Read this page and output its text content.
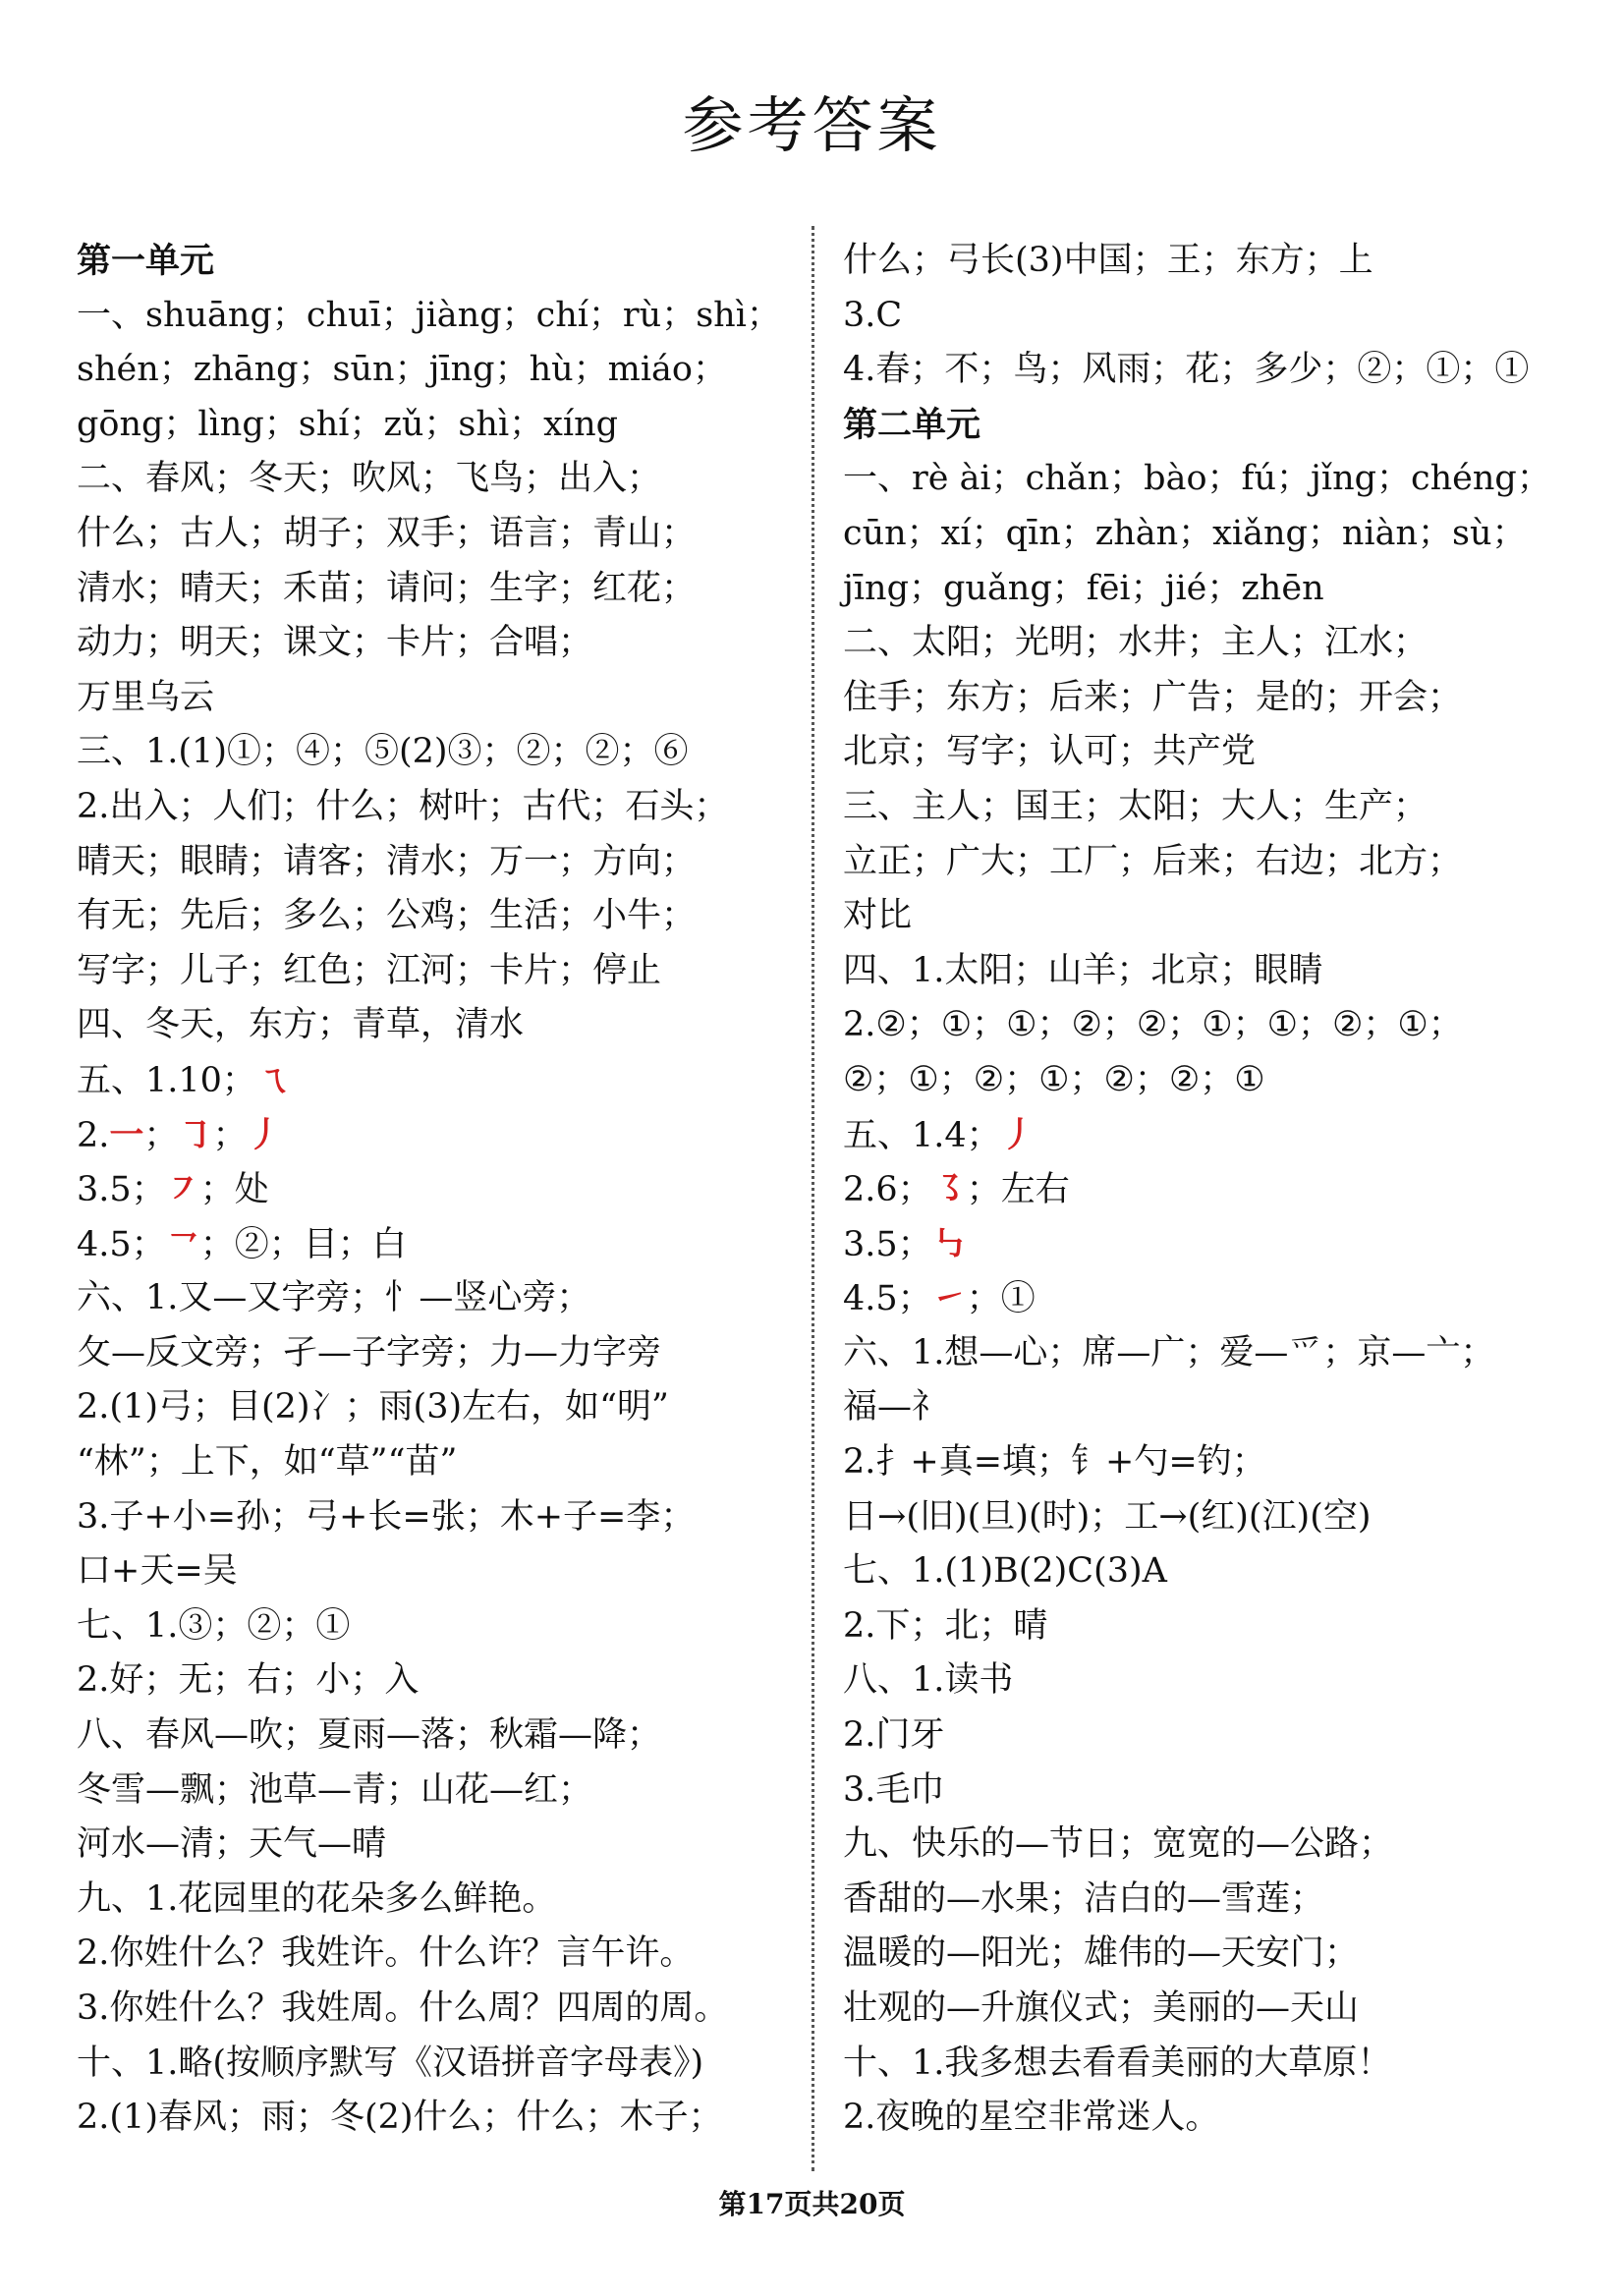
参考答案
第一单元
一、shuāng；chuī；jiàng；chí；rù；shì；
shén；zhāng；sūn；jīng；hù；miáo；
gōng；lìng；shí；zǔ；shì；xíng
二、春风；冬天；吹风；飞鸟；出入；
什么；古人；胡子；双手；语言；青山；
清水；晴天；禾苗；请问；生字；红花；
动力；明天；课文；卡片；合唱；
万里乌云
三、1.(1)①；④；⑤(2)③；②；②；⑥
2.出入；人们；什么；树叶；古代；石头；
晴天；眼睛；请客；清水；万一；方向；
有无；先后；多么；公鸡；生活；小牛；
写字；儿子；红色；江河；卡片；停止
四、冬天，东方；青草，清水
五、1.10；ㄟ
2.一；㇆；丿
3.5；㇇；处
4.5；㇖；②；目；白
六、1.又—又字旁；忄—竖心旁；
攵—反文旁；孑—子字旁；力—力字旁
2.(1)弓；目(2)冫；雨(3)左右，如“明”
“林”；上下，如“草”“苗”
3.子+小=孙；弓+长=张；木+子=李；
口+天=吴
七、1.③；②；①
2.好；无；右；小；入
八、春风—吹；夏雨—落；秋霜—降；
冬雪—飘；池草—青；山花—红；
河水—清；天气—晴
九、1.花园里的花朵多么鲜艳。
2.你姓什么？我姓许。什么许？言午许。
3.你姓什么？我姓周。什么周？四周的周。
十、1.略(按顺序默写《汉语拼音字母表》)
2.(1)春风；雨；冬(2)什么；什么；木子；
什么；弓长(3)中国；王；东方；上
3.C
4.春；不；鸟；风雨；花；多少；②；①；①
第二单元
一、rè ài；chǎn；bào；fú；jǐng；chéng；
cūn；xí；qīn；zhàn；xiǎng；niàn；sù；
jīng；guǎng；fēi；jié；zhēn
二、太阳；光明；水井；主人；江水；
住手；东方；后来；广告；是的；开会；
北京；写字；认可；共产党
三、主人；国王；太阳；大人；生产；
立正；广大；工厂；后来；右边；北方；
对比
四、1.太阳；山羊；北京；眼睛
2.②；①；①；②；②；①；①；②；①；
②；①；②；①；②；②；①
五、1.4；丿
2.6；㇌；左右
3.5；㇉
4.5；㇀；①
六、1.想—心；席—广；爱—爫；京—亠；
福—礻
2.扌+真=填；钅+勺=钓；
日→(旧)(旦)(时)；工→(红)(江)(空)
七、1.(1)B(2)C(3)A
2.下；北；晴
八、1.读书
2.门牙
3.毛巾
九、快乐的—节日；宽宽的—公路；
香甜的—水果；洁白的—雪莲；
温暖的—阳光；雄伟的—天安门；
壮观的—升旗仪式；美丽的—天山
十、1.我多想去看看美丽的大草原！
2.夜晚的星空非常迷人。
第17页共20页
